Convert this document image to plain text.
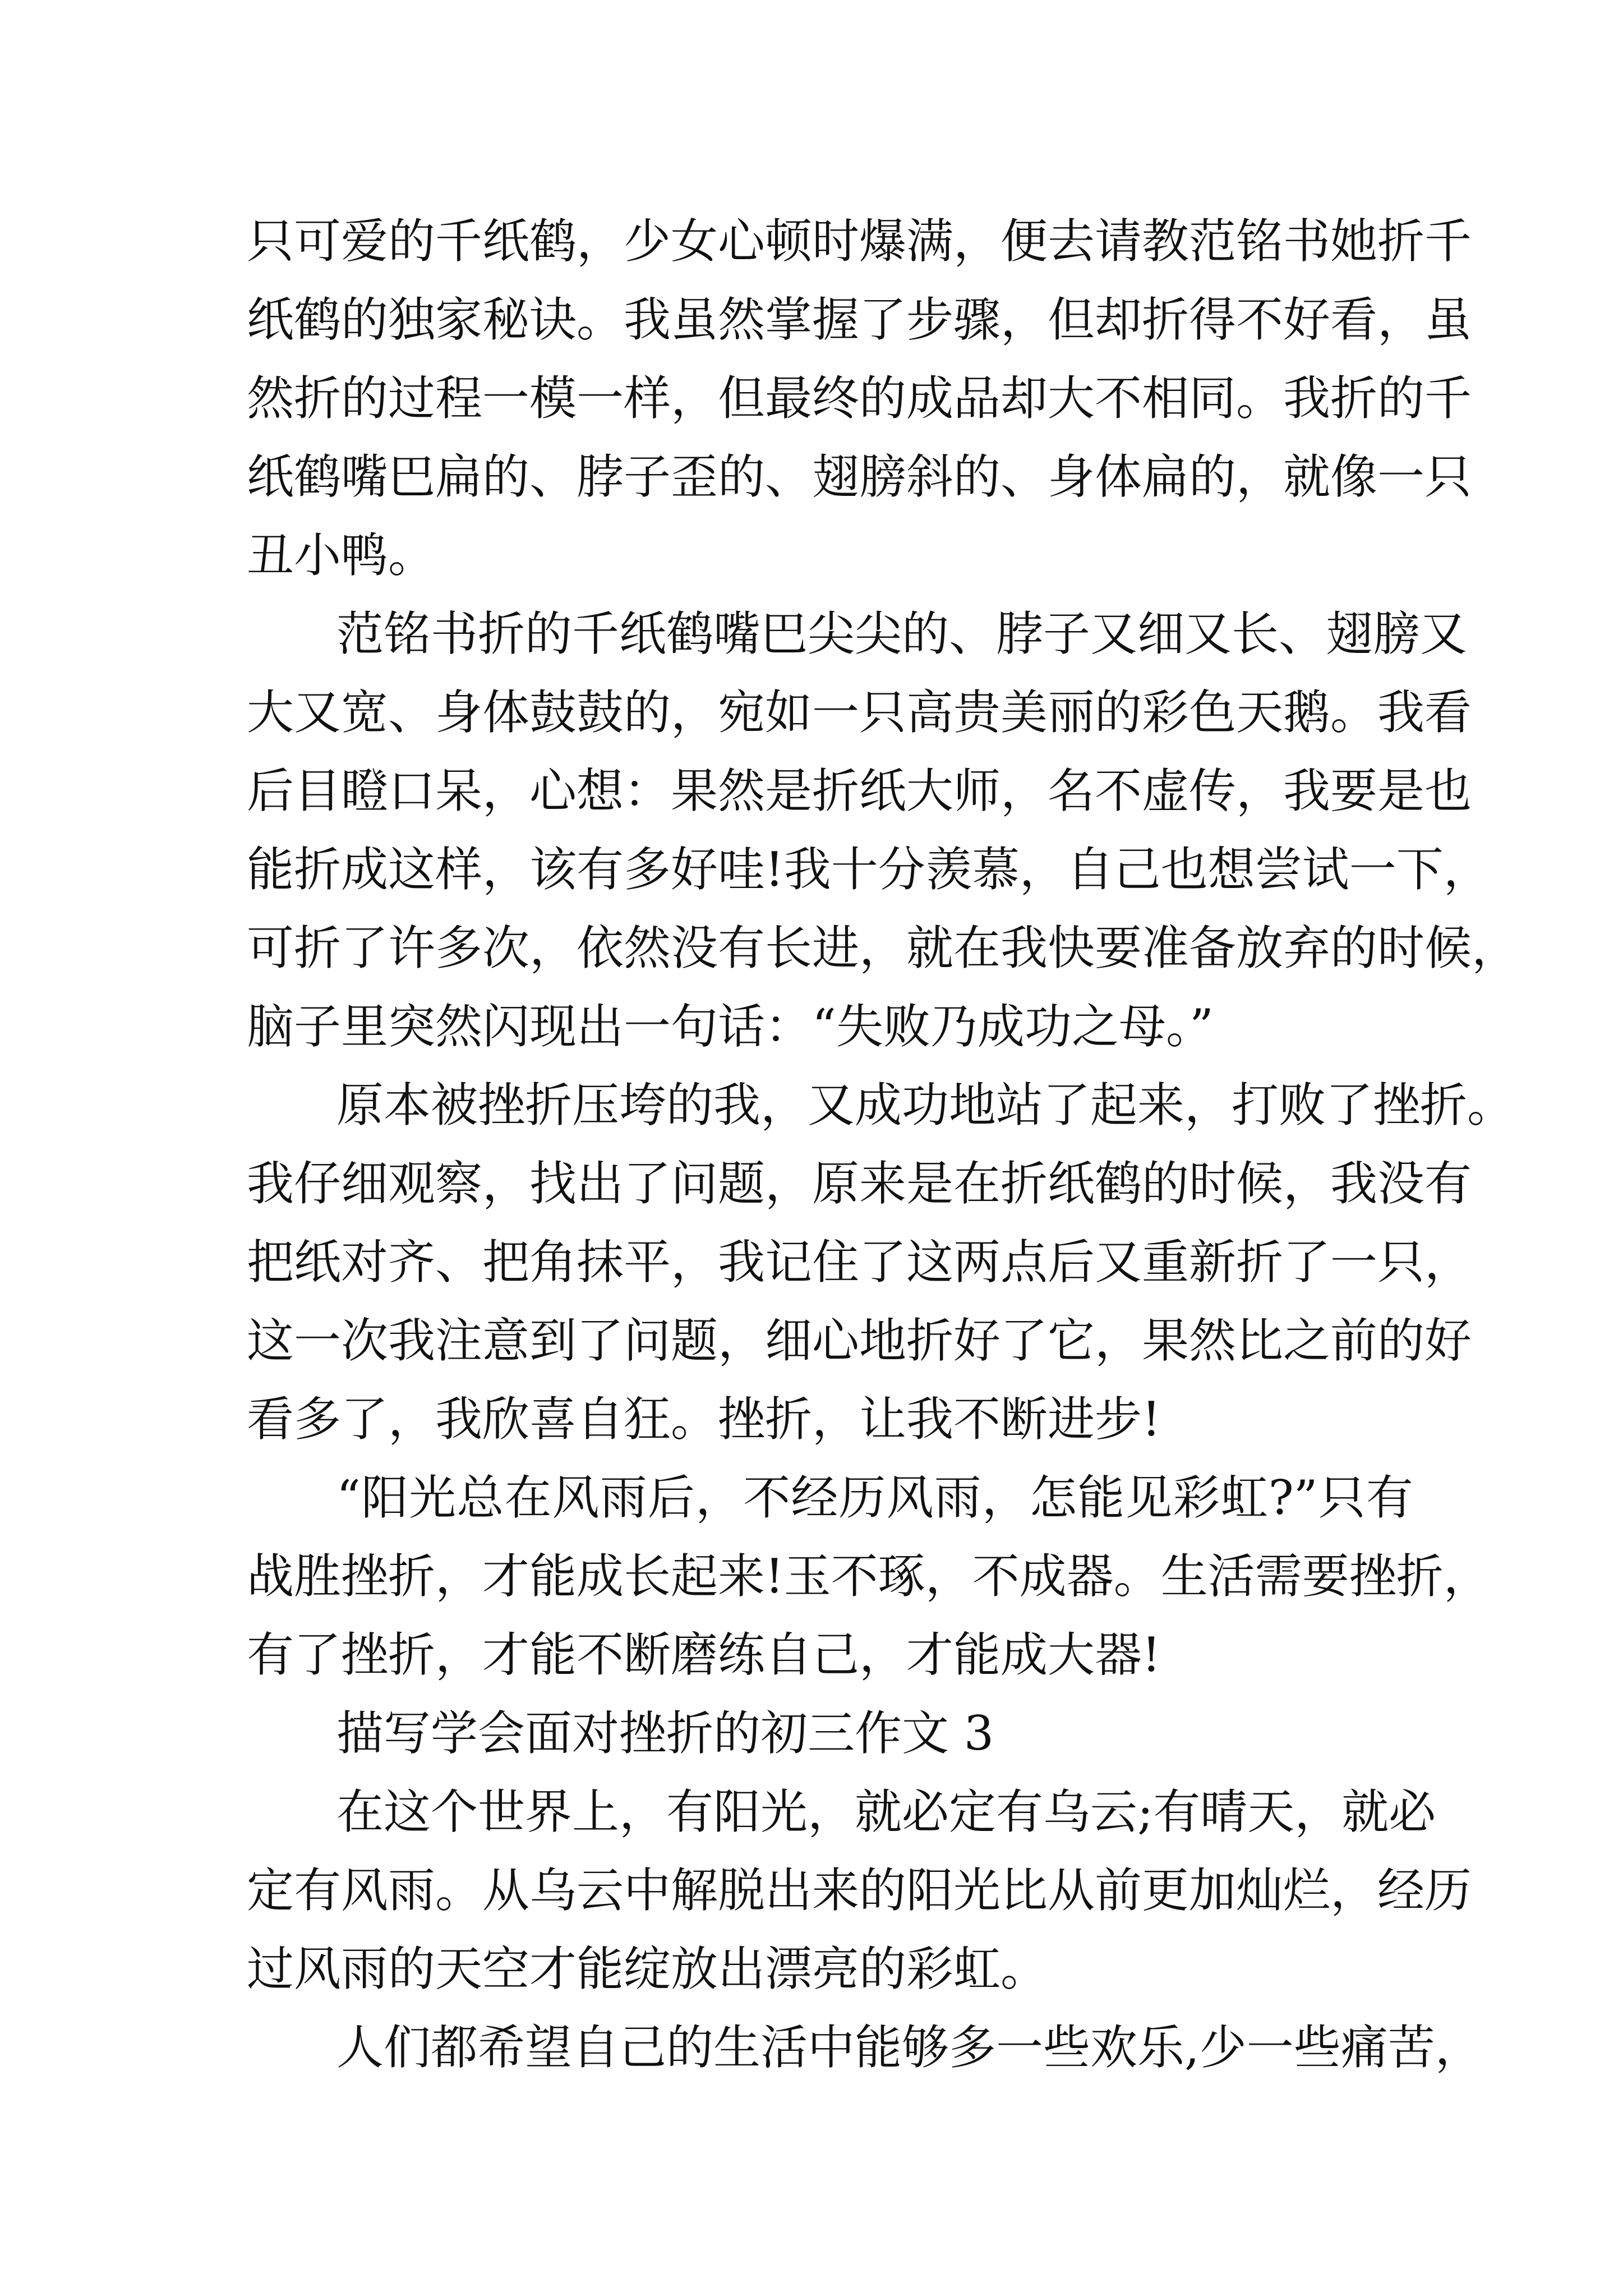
只可爱的千纸鹤，少女心顿时爆满，便去请教范铭书她折千
纸鹤的独家秘诀。我虽然掌握了步骤，但却折得不好看，虽
然折的过程一模一样，但最终的成品却大不相同。我折的千
纸鹤嘴巴扁的、脖子歪的、翅膀斜的、身体扁的，就像一只
丑小鸭。
范铭书折的千纸鹤嘴巴尖尖的、脖子又细又长、翅膀又
大又宽、身体鼓鼓的，宛如一只高贵美丽的彩色天鹅。我看
后目瞪口呆，心想：果然是折纸大师，名不虚传，我要是也
能折成这样，该有多好哇!我十分羡慕，自己也想尝试一下，
可折了许多次，依然没有长进，就在我快要准备放弃的时候，
脑子里突然闪现出一句话：“失败乃成功之母。”
原本被挫折压垮的我，又成功地站了起来，打败了挫折。
我仔细观察，找出了问题，原来是在折纸鹤的时候，我没有
把纸对齐、把角抹平，我记住了这两点后又重新折了一只，
这一次我注意到了问题，细心地折好了它，果然比之前的好
看多了，我欣喜自狂。挫折，让我不断进步!
“阳光总在风雨后，不经历风雨，怎能见彩虹?”只有
战胜挫折，才能成长起来!玉不琢，不成器。生活需要挫折，
有了挫折，才能不断磨练自己，才能成大器!
描写学会面对挫折的初三作文 3
在这个世界上，有阳光，就必定有乌云;有晴天，就必
定有风雨。从乌云中解脱出来的阳光比从前更加灿烂，经历
过风雨的天空才能绽放出漂亮的彩虹。
人们都希望自己的生活中能够多一些欢乐,少一些痛苦，
